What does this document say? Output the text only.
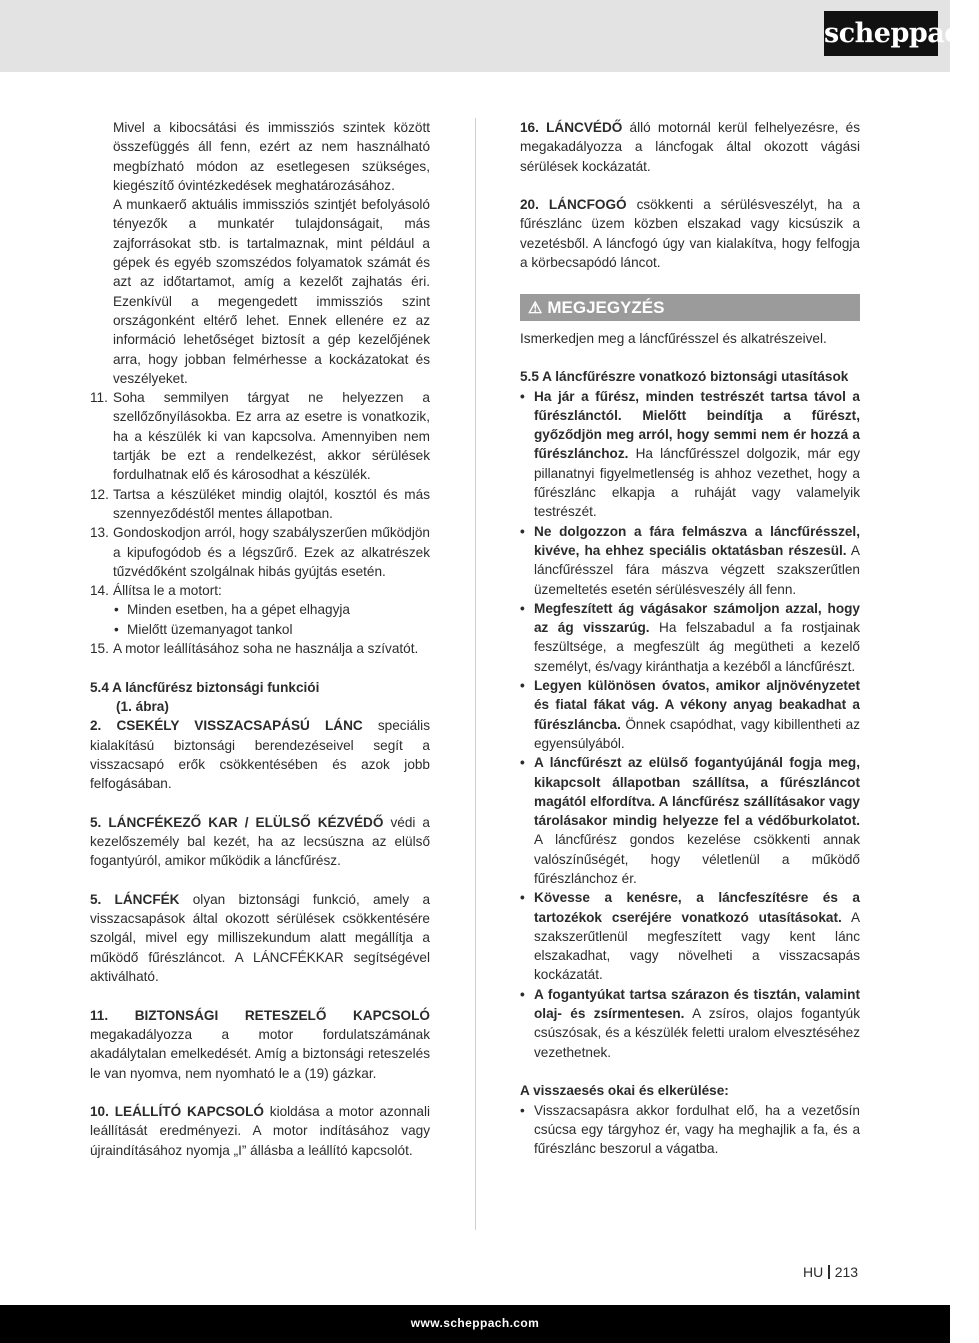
scheppach

Mivel a kibocsátási és immissziós szintek között összefüggés áll fenn, ezért az nem használható megbízható módon az esetlegesen szükséges, kiegészítő óvintézkedések meghatározásához.

A munkaerő aktuális immissziós szintjét befolyásoló tényezők a munkatér tulajdonságait, más zajforrásokat stb. is tartalmaznak, mint például a gépek és egyéb szomszédos folyamatok számát és azt az időtartamot, amíg a kezelőt zajhatás éri. Ezenkívül a megengedett immissziós szint országonként eltérő lehet. Ennek ellenére ez az információ lehetőséget biztosít a gép kezelőjének arra, hogy jobban felmérhesse a kockázatokat és veszélyeket.

11. Soha semmilyen tárgyat ne helyezzen a szellőzőnyílásokba. Ez arra az esetre is vonatkozik, ha a készülék ki van kapcsolva. Amennyiben nem tartják be ezt a rendelkezést, akkor sérülések fordulhatnak elő és károsodhat a készülék.
12. Tartsa a készüléket mindig olajtól, kosztól és más szennyeződéstől mentes állapotban.
13. Gondoskodjon arról, hogy szabályszerűen működjön a kipufogódob és a légszűrő. Ezek az alkatrészek tűzvédőként szolgálnak hibás gyújtás esetén.
14. Állítsa le a motort:
• Minden esetben, ha a gépet elhagyja
• Mielőtt üzemanyagot tankol
15. A motor leállításához soha ne használja a szívatót.

5.4 A láncfűrész biztonsági funkciói

(1. ábra)

2. CSEKÉLY VISSZACSAPÁSÚ LÁNC speciális kialakítású biztonsági berendezéseivel segít a visszacsapó erők csökkentésében és azok jobb felfogásában.

5. LÁNCFÉKEZŐ KAR / ELÜLSŐ KÉZVÉDŐ védi a kezelőszemély bal kezét, ha az lecsúszna az elülső fogantyúról, amikor működik a láncfűrész.

5. LÁNCFÉK olyan biztonsági funkció, amely a visszacsapások által okozott sérülések csökkentésére szolgál, mivel egy milliszekundum alatt megállítja a működő fűrészláncot. A LÁNCFÉKKAR segítségével aktiválható.

11. BIZTONSÁGI RETESZELŐ KAPCSOLÓ megakadályozza a motor fordulatszámának akadálytalan emelkedését. Amíg a biztonsági reteszelés le van nyomva, nem nyomható le a (19) gázkar.

10. LEÁLLÍTÓ KAPCSOLÓ kioldása a motor azonnali leállítását eredményezi. A motor indításához vagy újraindításához nyomja „I” állásba a leállító kapcsolót.

16. LÁNCVÉDŐ álló motornál kerül felhelyezésre, és megakadályozza a láncfogak által okozott vágási sérülések kockázatát.

20. LÁNCFOGÓ csökkenti a sérülésveszélyt, ha a fűrészlánc üzem közben elszakad vagy kicsúszik a vezetésből. A láncfogó úgy van kialakítva, hogy felfogja a körbecsapódó láncot.

⚠ MEGJEGYZÉS

Ismerkedjen meg a láncfűrésszel és alkatrészeivel.

5.5 A láncfűrészre vonatkozó biztonsági utasítások

• Ha jár a fűrész, minden testrészét tartsa távol a fűrészlánctól. Mielőtt beindítja a fűrészt, győződjön meg arról, hogy semmi nem ér hozzá a fűrészlánchoz. Ha láncfűrésszel dolgozik, már egy pillanatnyi figyelmetlenség is ahhoz vezethet, hogy a fűrészlánc elkapja a ruháját vagy valamelyik testrészét.
• Ne dolgozzon a fára felmászva a láncfűrésszel, kivéve, ha ehhez speciális oktatásban részesül. A láncfűrésszel fára mászva végzett szakszerűtlen üzemeltetés esetén sérülésveszély áll fenn.
• Megfeszített ág vágásakor számoljon azzal, hogy az ág visszarúg. Ha felszabadul a fa rostjainak feszültsége, a megfeszült ág megütheti a kezelő személyt, és/vagy kiránthatja a kezéből a láncfűrészt.
• Legyen különösen óvatos, amikor aljnövényzetet és fiatal fákat vág. A vékony anyag beakadhat a fűrészláncba. Önnek csapódhat, vagy kibillentheti az egyensúlyából.
• A láncfűrészt az elülső fogantyújánál fogja meg, kikapcsolt állapotban szállítsa, a fűrészláncot magától elfordítva. A láncfűrész szállításakor vagy tárolásakor mindig helyezze fel a védőburkolatot. A láncfűrész gondos kezelése csökkenti annak valószínűségét, hogy véletlenül a működő fűrészlánchoz ér.
• Kövesse a kenésre, a láncfeszítésre és a tartozékok cseréjére vonatkozó utasításokat. A szakszerűtlenül megfeszített vagy kent lánc elszakadhat, vagy növelheti a visszacsapás kockázatát.
• A fogantyúkat tartsa szárazon és tisztán, valamint olaj- és zsírmentesen. A zsíros, olajos fogantyúk csúszósak, és a készülék feletti uralom elvesztéséhez vezethetnek.

A visszaesés okai és elkerülése:

• Visszacsapásra akkor fordulhat elő, ha a vezetősín csúcsa egy tárgyhoz ér, vagy ha meghajlik a fa, és a fűrészlánc beszorul a vágatba.
HU 213
www.scheppach.com
